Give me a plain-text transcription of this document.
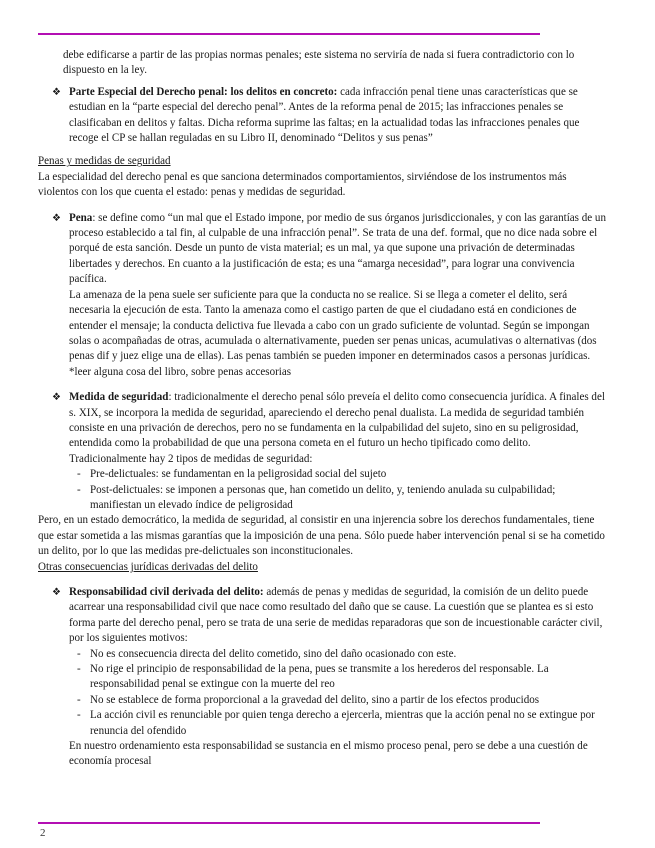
debe edificarse a partir de las propias normas penales; este sistema no serviría de nada si fuera contradictorio con lo dispuesto en la ley.

❖ Parte Especial del Derecho penal: los delitos en concreto: cada infracción penal tiene unas características que se estudian en la “parte especial del derecho penal”. Antes de la reforma penal de 2015; las infracciones penales se clasificaban en delitos y faltas. Dicha reforma suprime las faltas; en la actualidad todas las infracciones penales que recoge el CP se hallan reguladas en su Libro II, denominado “Delitos y sus penas”

Penas y medidas de seguridad

La especialidad del derecho penal es que sanciona determinados comportamientos, sirviéndose de los instrumentos más violentos con los que cuenta el estado: penas y medidas de seguridad.

❖ Pena: se define como “un mal que el Estado impone, por medio de sus órganos jurisdiccionales, y con las garantías de un proceso establecido a tal fin, al culpable de una infracción penal”. Se trata de una def. formal, que no dice nada sobre el porqué de esta sanción. Desde un punto de vista material; es un mal, ya que supone una privación de determinadas libertades y derechos. En cuanto a la justificación de esta; es una “amarga necesidad”, para lograr una convivencia pacífica.

La amenaza de la pena suele ser suficiente para que la conducta no se realice. Si se llega a cometer el delito, será necesaria la ejecución de esta. Tanto la amenaza como el castigo parten de que el ciudadano está en condiciones de entender el mensaje; la conducta delictiva fue llevada a cabo con un grado suficiente de voluntad. Según se impongan solas o acompañadas de otras, acumulada o alternativamente, pueden ser penas unicas, acumulativas o alternativas (dos penas dif y juez elige una de ellas). Las penas también se pueden imponer en determinados casos a personas jurídicas.

*leer alguna cosa del libro, sobre penas accesorias

❖ Medida de seguridad: tradicionalmente el derecho penal sólo preveía el delito como consecuencia jurídica. A finales del s. XIX, se incorpora la medida de seguridad, apareciendo el derecho penal dualista. La medida de seguridad también consiste en una privación de derechos, pero no se fundamenta en la culpabilidad del sujeto, sino en su peligrosidad, entendida como la probabilidad de que una persona cometa en el futuro un hecho tipificado como delito.

Tradicionalmente hay 2 tipos de medidas de seguridad:

- Pre-delictuales: se fundamentan en la peligrosidad social del sujeto
- Post-delictuales: se imponen a personas que, han cometido un delito, y, teniendo anulada su culpabilidad; manifiestan un elevado índice de peligrosidad

Pero, en un estado democrático, la medida de seguridad, al consistir en una injerencia sobre los derechos fundamentales, tiene que estar sometida a las mismas garantías que la imposición de una pena. Sólo puede haber intervención penal si se ha cometido un delito, por lo que las medidas pre-delictuales son inconstitucionales.

Otras consecuencias jurídicas derivadas del delito

❖ Responsabilidad civil derivada del delito: además de penas y medidas de seguridad, la comisión de un delito puede acarrear una responsabilidad civil que nace como resultado del daño que se cause. La cuestión que se plantea es si esto forma parte del derecho penal, pero se trata de una serie de medidas reparadoras que son de incuestionable carácter civil, por los siguientes motivos:

- No es consecuencia directa del delito cometido, sino del daño ocasionado con este.
- No rige el principio de responsabilidad de la pena, pues se transmite a los herederos del responsable. La responsabilidad penal se extingue con la muerte del reo
- No se establece de forma proporcional a la gravedad del delito, sino a partir de los efectos producidos
- La acción civil es renunciable por quien tenga derecho a ejercerla, mientras que la acción penal no se extingue por renuncia del ofendido

En nuestro ordenamiento esta responsabilidad se sustancia en el mismo proceso penal, pero se debe a una cuestión de economía procesal

2
